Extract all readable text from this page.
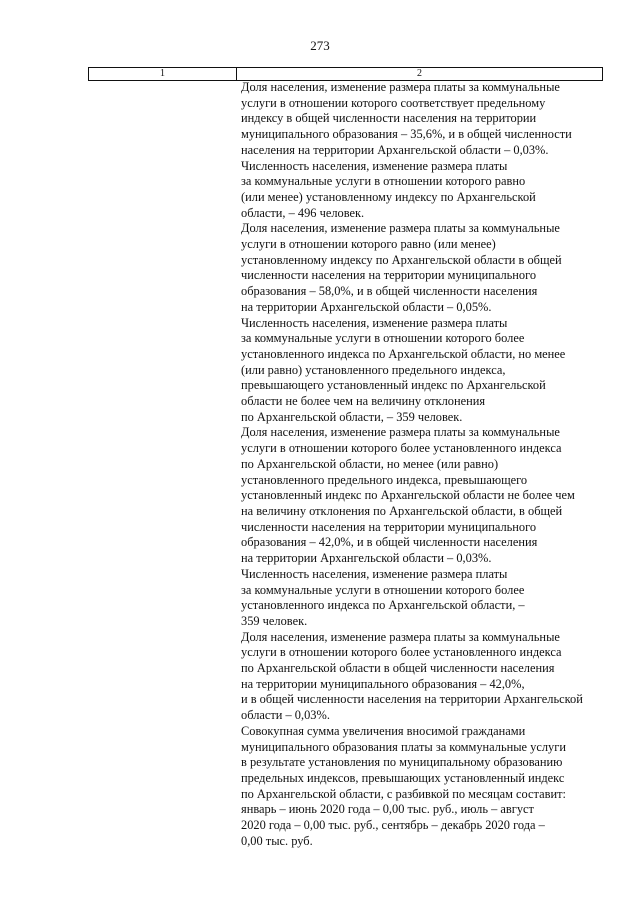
273
1	2
Доля населения, изменение размера платы за коммунальные
услуги в отношении которого соответствует предельному
индексу в общей численности населения на территории
муниципального образования – 35,6%, и в общей численности
населения на территории Архангельской области – 0,03%.
Численность населения, изменение размера платы
за коммунальные услуги в отношении которого равно
(или менее) установленному индексу по Архангельской
области, – 496 человек.
Доля населения, изменение размера платы за коммунальные
услуги в отношении которого равно (или менее)
установленному индексу по Архангельской области в общей
численности населения на территории муниципального
образования – 58,0%, и в общей численности населения
на территории Архангельской области – 0,05%.
Численность населения, изменение размера платы
за коммунальные услуги в отношении которого более
установленного индекса по Архангельской области, но менее
(или равно) установленного предельного индекса,
превышающего установленный индекс по Архангельской
области не более чем на величину отклонения
по Архангельской области, – 359 человек.
Доля населения, изменение размера платы за коммунальные
услуги в отношении которого более установленного индекса
по Архангельской области, но менее (или равно)
установленного предельного индекса, превышающего
установленный индекс по Архангельской области не более чем
на величину отклонения по Архангельской области, в общей
численности населения на территории муниципального
образования – 42,0%, и в общей численности населения
на территории Архангельской области – 0,03%.
Численность населения, изменение размера платы
за коммунальные услуги в отношении которого более
установленного индекса по Архангельской области, –
359 человек.
Доля населения, изменение размера платы за коммунальные
услуги в отношении которого более установленного индекса
по Архангельской области в общей численности населения
на территории муниципального образования – 42,0%,
и в общей численности населения на территории Архангельской
области – 0,03%.
Совокупная сумма увеличения вносимой гражданами
муниципального образования платы за коммунальные услуги
в результате установления по муниципальному образованию
предельных индексов, превышающих установленный индекс
по Архангельской области, с разбивкой по месяцам составит:
январь – июнь 2020 года – 0,00 тыс. руб., июль – август
2020 года – 0,00 тыс. руб., сентябрь – декабрь 2020 года –
0,00 тыс. руб.
